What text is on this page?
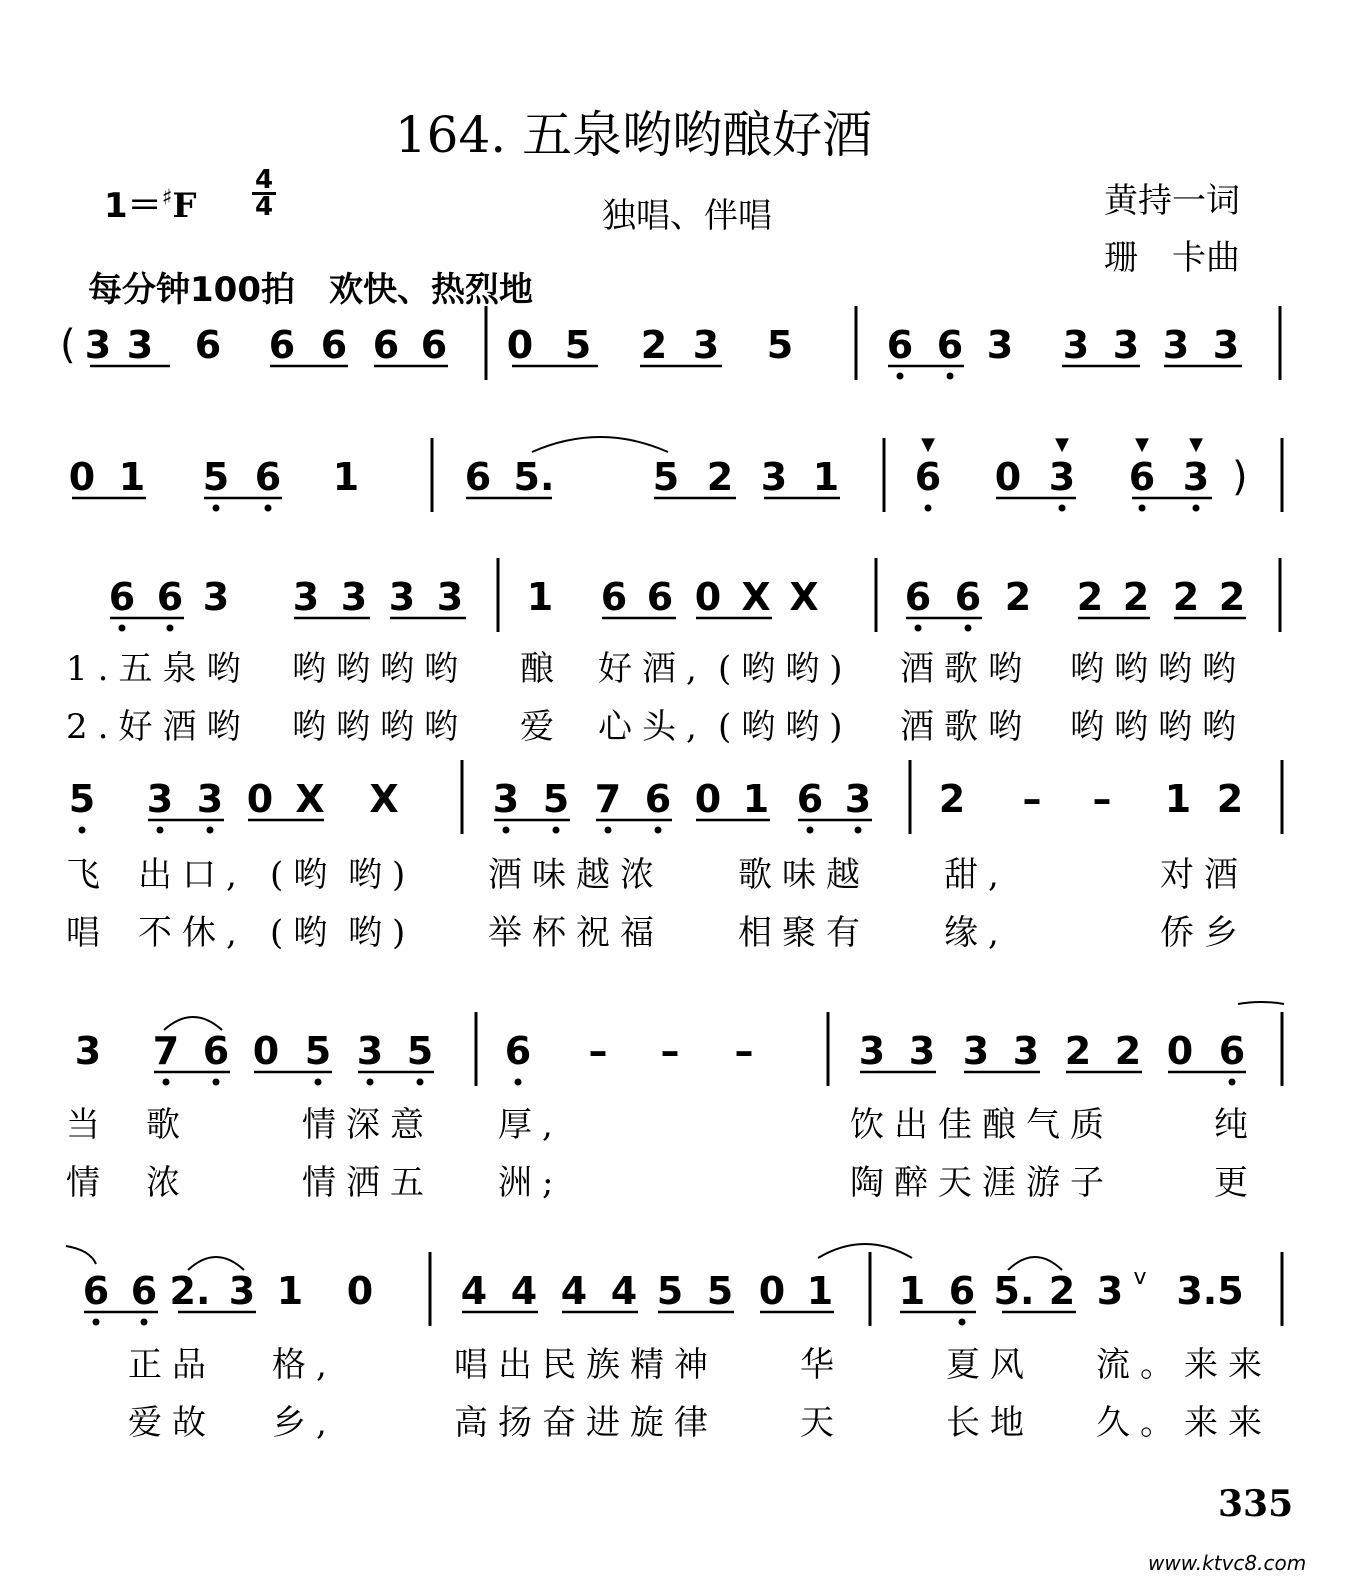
164. 五泉哟哟酿好酒
1＝♯F
4
4	独唱、伴唱	黄持一词
珊　卡曲
每分钟100拍　欢快、热烈地
3 3 6 6 6 6 6 0 5 2 3 5 6 6 3 3 3 3 3
(
0 1 5 6 1	6 5.	5 2 3 1 6
▼
0 3
▼
6
▼
3
▼
)
6 6 3 3 3 3 3 1 6 6 0 X X 6 6 2 2 2 2 2
1.五泉哟 哟哟哟哟 酿 好酒, (哟哟) 酒歌哟 哟哟哟哟
2.好酒哟 哟哟哟哟 爱 心头, (哟哟) 酒歌哟 哟哟哟哟
5 3 3 0 X X 3 5 7 6 0 1 6 3 2 – – 1 2
飞 出口, (哟 哟) 酒味越浓 歌味越 甜,	对酒
唱 不休, (哟 哟) 举杯祝福 相聚有 缘,	侨乡
3 7 6 0 5 3 5 6 – – –	3 3 3 3 2 2 0 6
当 歌	情深意 厚,	饮出佳酿气质	纯
情 浓	情洒五 洲;	陶醉天涯游子	更
6 6 2. 3 1 0 4 4 4 4 5 5 0 1 1 6 5. 2 3 3.5
正品 格,	唱出民族精神 华	夏风 流。来来
爱故 乡,	高扬奋进旋律 天	长地 久。来来
v
335
www.ktvc8.com
